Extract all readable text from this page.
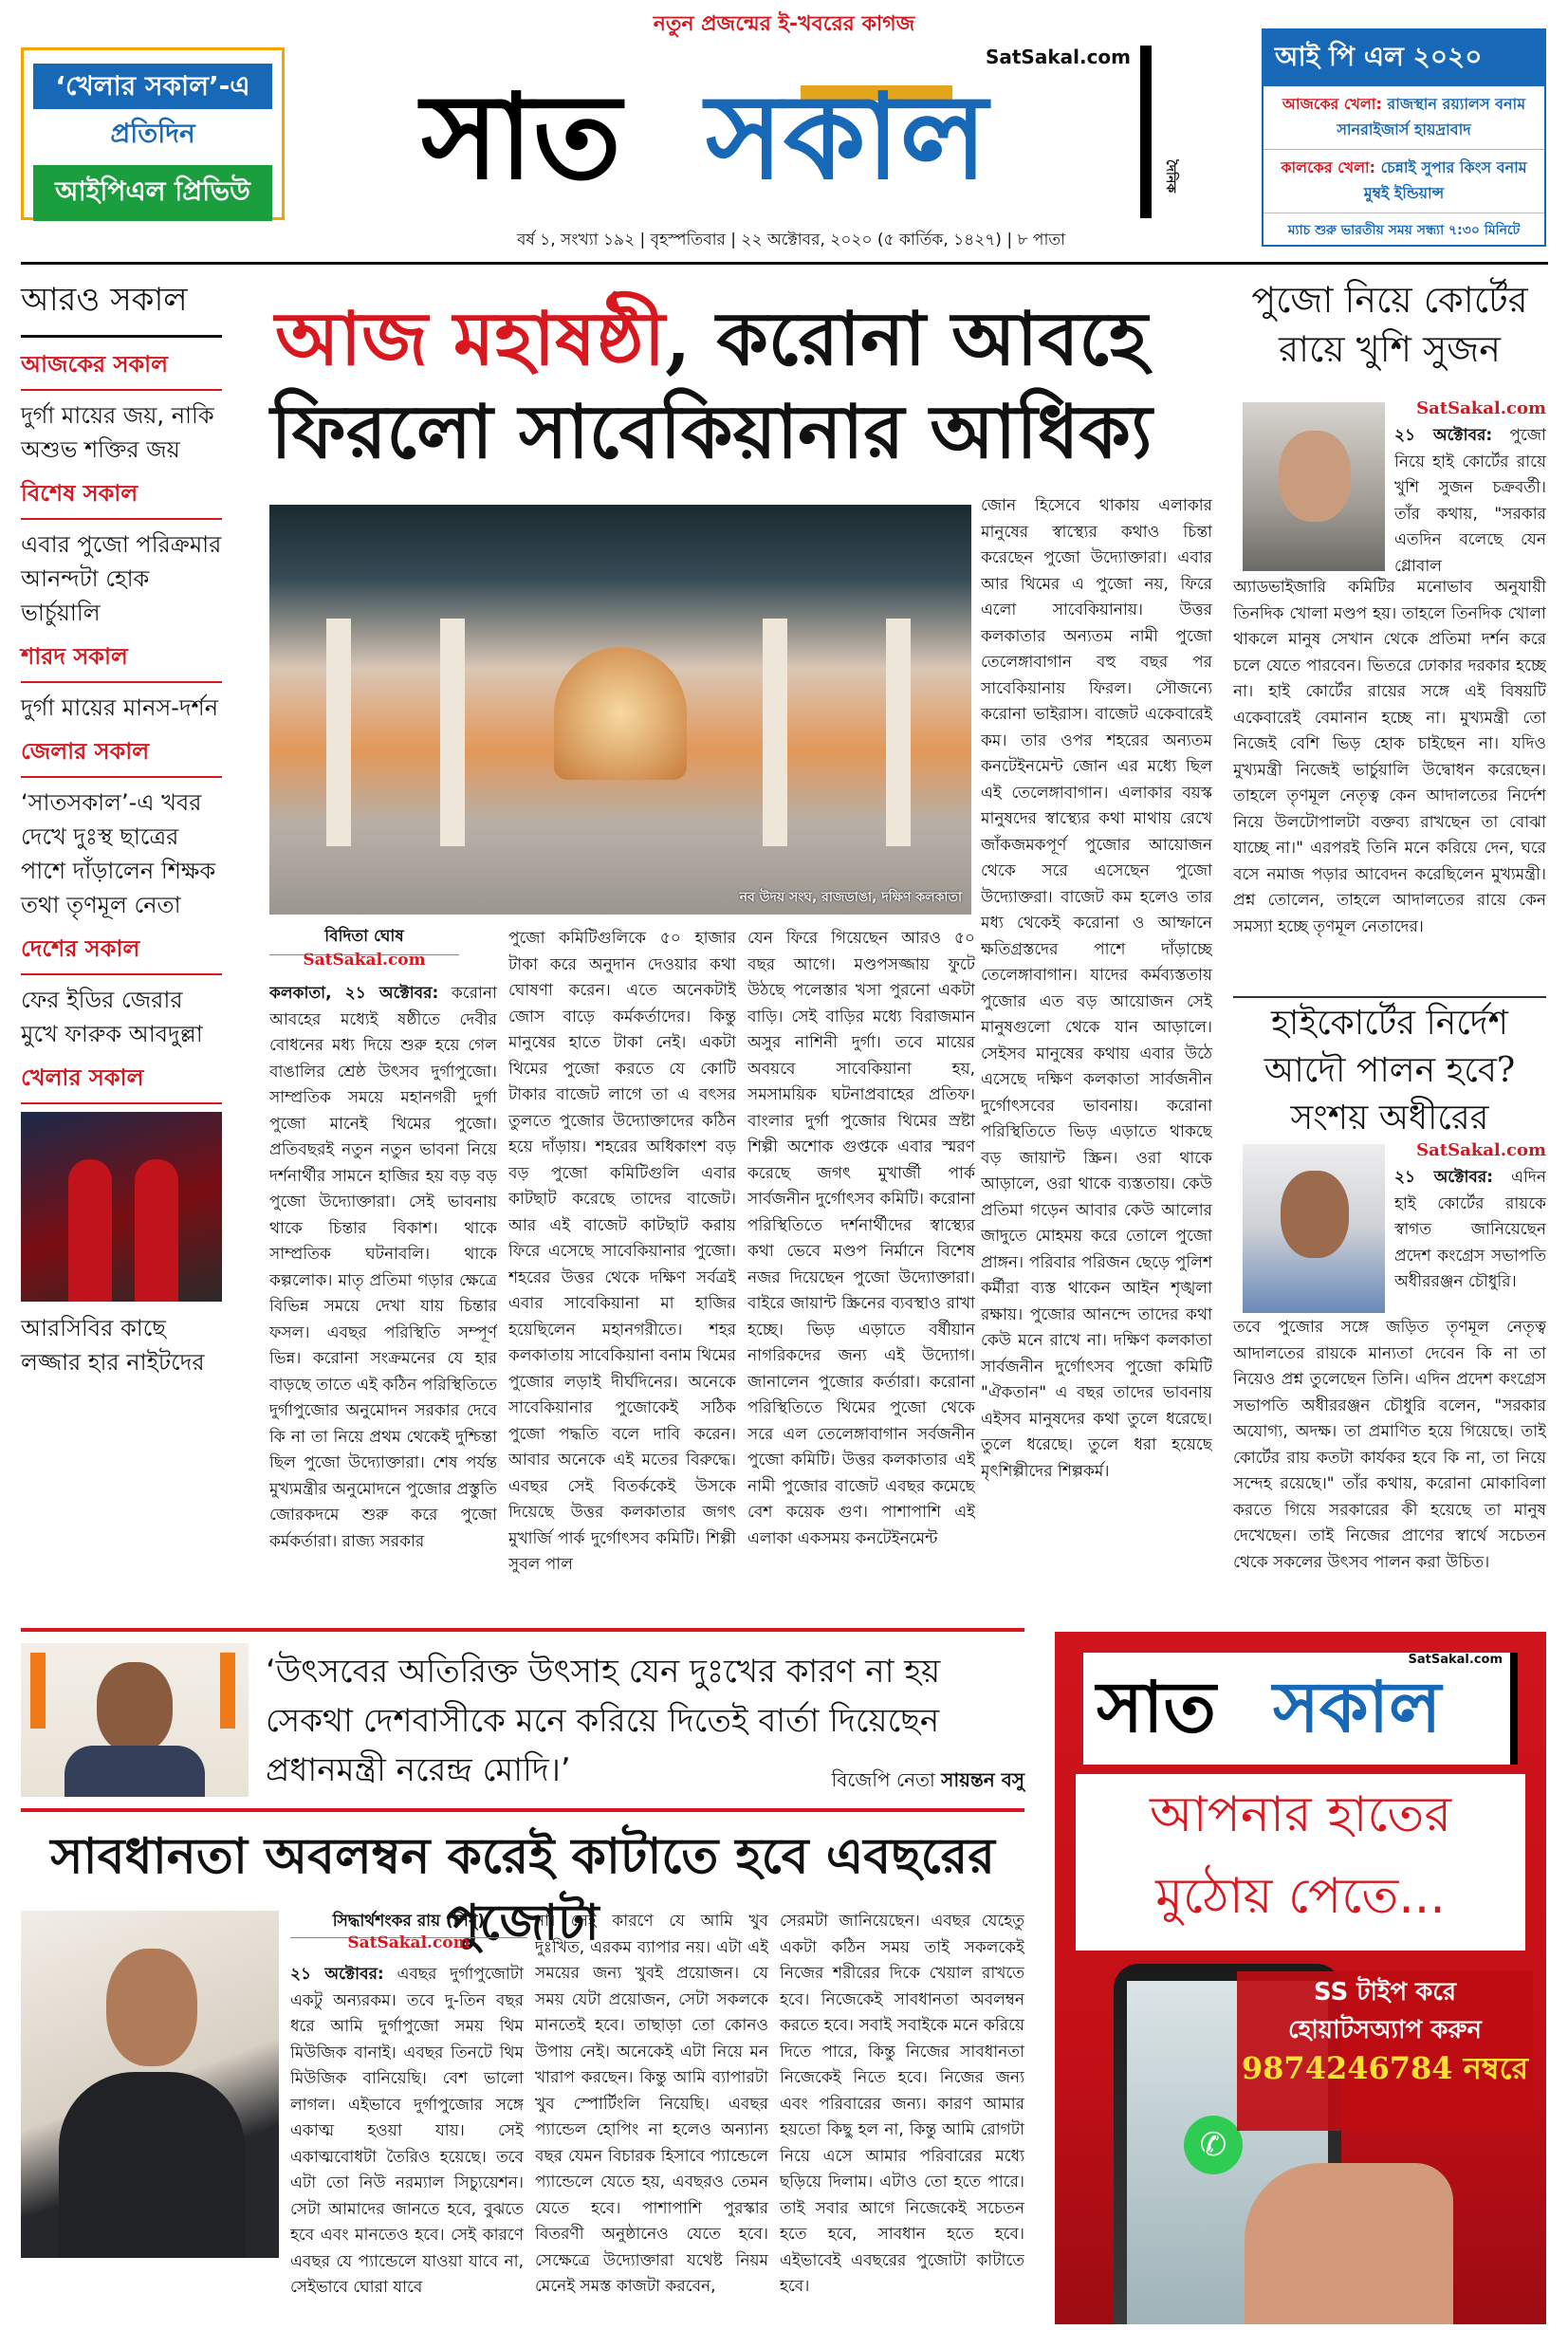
নতুন প্রজন্মের ই-খবরের কাগজ
‘খেলার সকাল’-এ
প্রতিদিন
আইপিএল প্রিভিউ
SatSakal.com
সাত সকাল	দৈনিক
বর্ষ ১, সংখ্যা ১৯২ | বৃহস্পতিবার | ২২ অক্টোবর, ২০২০ (৫ কার্তিক, ১৪২৭) | ৮ পাতা
আই পি এল ২০২০
আজকের খেলা: রাজস্থান রয়্যালস বনাম সানরাইজার্স হায়দ্রাবাদ
কালকের খেলা: চেন্নাই সুপার কিংস বনাম মুম্বই ইন্ডিয়ান্স
ম্যাচ শুরু ভারতীয় সময় সন্ধ্যা ৭:৩০ মিনিটে
আরও সকাল
আজকের সকাল
দুর্গা মায়ের জয়, নাকি অশুভ শক্তির জয়
বিশেষ সকাল
এবার পুজো পরিক্রমার আনন্দটা হোক ভার্চুয়ালি
শারদ সকাল
দুর্গা মায়ের মানস-দর্শন
জেলার সকাল
‘সাতসকাল’-এ খবর দেখে দুঃস্থ ছাত্রের পাশে দাঁড়ালেন শিক্ষক তথা তৃণমূল নেতা
দেশের সকাল
ফের ইডির জেরার মুখে ফারুক আবদুল্লা
খেলার সকাল
আরসিবির কাছে লজ্জার হার নাইটদের
আজ মহাষষ্ঠী, করোনা আবহে
ফিরলো সাবেকিয়ানার আধিক্য
নব উদয় সংঘ, রাজডাঙা, দক্ষিণ কলকাতা
বিদিতা ঘোষ
SatSakal.com
কলকাতা, ২১ অক্টোবর: করোনা আবহের মধ্যেই ষষ্ঠীতে দেবীর বোধনের মধ্য দিয়ে শুরু হয়ে গেল বাঙালির শ্রেষ্ঠ উৎসব দুর্গাপুজো। সাম্প্রতিক সময়ে মহানগরী দুর্গা পুজো মানেই থিমের পুজো। প্রতিবছরই নতুন নতুন ভাবনা নিয়ে দর্শনার্থীর সামনে হাজির হয় বড় বড় পুজো উদ্যোক্তারা। সেই ভাবনায় থাকে চিন্তার বিকাশ। থাকে সাম্প্রতিক ঘটনাবলি। থাকে কল্পলোক। মাতৃ প্রতিমা গড়ার ক্ষেত্রে বিভিন্ন সময়ে দেখা যায় চিন্তার ফসল। এবছর পরিস্থিতি সম্পূর্ণ ভিন্ন। করোনা সংক্রমনের যে হার বাড়ছে তাতে এই কঠিন পরিস্থিতিতে দুর্গাপুজোর অনুমোদন সরকার দেবে কি না তা নিয়ে প্রথম থেকেই দুশ্চিন্তা ছিল পুজো উদ্যোক্তারা। শেষ পর্যন্ত মুখ্যমন্ত্রীর অনুমোদনে পুজোর প্রস্তুতি জোরকদমে শুরু করে পুজো কর্মকর্তারা। রাজ্য সরকার
পুজো কমিটিগুলিকে ৫০ হাজার টাকা করে অনুদান দেওয়ার কথা ঘোষণা করেন। এতে অনেকটাই জোস বাড়ে কর্মকর্তাদের। কিন্তু মানুষের হাতে টাকা নেই। একটা থিমের পুজো করতে যে কোটি টাকার বাজেট লাগে তা এ বৎসর তুলতে পুজোর উদ্যোক্তাদের কঠিন হয়ে দাঁড়ায়। শহরের অধিকাংশ বড় বড় পুজো কমিটিগুলি এবার কাটছাট করেছে তাদের বাজেট। আর এই বাজেট কাটছাট করায় ফিরে এসেছে সাবেকিয়ানার পুজো। শহরের উত্তর থেকে দক্ষিণ সর্বত্রই এবার সাবেকিয়ানা মা হাজির হয়েছিলেন মহানগরীতে। শহর কলকাতায় সাবেকিয়ানা বনাম থিমের পুজোর লড়াই দীর্ঘদিনের। অনেকে সাবেকিয়ানার পুজোকেই সঠিক পুজো পদ্ধতি বলে দাবি করেন। আবার অনেকে এই মতের বিরুদ্ধে। এবছর সেই বিতর্ককেই উসকে দিয়েছে উত্তর কলকাতার জগৎ মুখার্জি পার্ক দুর্গোৎসব কমিটি। শিল্পী সুবল পাল
যেন ফিরে গিয়েছেন আরও ৫০ বছর আগে। মণ্ডপসজ্জায় ফুটে উঠছে পলেস্তার খসা পুরনো একটা বাড়ি। সেই বাড়ির মধ্যে বিরাজমান অসুর নাশিনী দুর্গা। তবে মায়ের অবয়বে সাবেকিয়ানা হয়, সমসাময়িক ঘটনাপ্রবাহের প্রতিফ। বাংলার দুর্গা পুজোর থিমের স্রষ্টা শিল্পী অশোক গুপ্তকে এবার স্মরণ করেছে জগৎ মুখার্জী পার্ক সার্বজনীন দুর্গোৎসব কমিটি। করোনা পরিস্থিতিতে দর্শনার্থীদের স্বাস্থ্যের কথা ভেবে মণ্ডপ নির্মানে বিশেষ নজর দিয়েছেন পুজো উদ্যোক্তারা। বাইরে জায়ান্ট স্ক্রিনের ব্যবস্থাও রাখা হচ্ছে। ভিড় এড়াতে বর্ষীয়ান নাগরিকদের জন্য এই উদ্যোগ। জানালেন পুজোর কর্তারা। করোনা পরিস্থিতিতে থিমের পুজো থেকে সরে এল তেলেঙ্গাবাগান সর্বজনীন পুজো কমিটি। উত্তর কলকাতার এই নামী পুজোর বাজেট এবছর কমেছে বেশ কয়েক গুণ। পাশাপাশি এই এলাকা একসময় কনটেইনমেন্ট
জোন হিসেবে থাকায় এলাকার মানুষের স্বাস্থ্যের কথাও চিন্তা করেছেন পুজো উদ্যোক্তারা। এবার আর থিমের এ পুজো নয়, ফিরে এলো সাবেকিয়ানায়। উত্তর কলকাতার অন্যতম নামী পুজো তেলেঙ্গাবাগান বহু বছর পর সাবেকিয়ানায় ফিরল। সৌজন্যে করোনা ভাইরাস। বাজেট একেবারেই কম। তার ওপর শহরের অন্যতম কনটেইনমেন্ট জোন এর মধ্যে ছিল এই তেলেঙ্গাবাগান। এলাকার বয়স্ক মানুষদের স্বাস্থ্যের কথা মাথায় রেখে জাঁকজমকপূর্ণ পুজোর আয়োজন থেকে সরে এসেছেন পুজো উদ্যোক্তরা। বাজেট কম হলেও তার মধ্য থেকেই করোনা ও আম্ফানে ক্ষতিগ্রস্তদের পাশে দাঁড়াচ্ছে তেলেঙ্গাবাগান। যাদের কর্মব্যস্ততায় পুজোর এত বড় আয়োজন সেই মানুষগুলো থেকে যান আড়ালে। সেইসব মানুষের কথায় এবার উঠে এসেছে দক্ষিণ কলকাতা সার্বজনীন দুর্গোৎসবের ভাবনায়। করোনা পরিস্থিতিতে ভিড় এড়াতে থাকছে বড় জায়ান্ট স্ক্রিন। ওরা থাকে আড়ালে, ওরা থাকে ব্যস্ততায়। কেউ প্রতিমা গড়েন আবার কেউ আলোর জাদুতে মোহময় করে তোলে পুজো প্রাঙ্গন। পরিবার পরিজন ছেড়ে পুলিশ কর্মীরা ব্যস্ত থাকেন আইন শৃঙ্খলা রক্ষায়। পুজোর আনন্দে তাদের কথা কেউ মনে রাখে না। দক্ষিণ কলকাতা সার্বজনীন দুর্গোৎসব পুজো কমিটি "ঐকতান" এ বছর তাদের ভাবনায় এইসব মানুষদের কথা তুলে ধরেছে। তুলে ধরেছে। তুলে ধরা হয়েছে মৃৎশিল্পীদের শিল্পকর্ম।
পুজো নিয়ে কোর্টের রায়ে খুশি সুজন
SatSakal.com
২১ অক্টোবর: পুজো নিয়ে হাই কোর্টের রায়ে খুশি সুজন চক্রবর্তী। তাঁর কথায়, "সরকার এতদিন বলেছে যেন গ্লোবাল
অ্যাডভাইজারি কমিটির মনোভাব অনুযায়ী তিনদিক খোলা মণ্ডপ হয়। তাহলে তিনদিক খোলা থাকলে মানুষ সেখান থেকে প্রতিমা দর্শন করে চলে যেতে পারবেন। ভিতরে ঢোকার দরকার হচ্ছে না। হাই কোর্টের রায়ের সঙ্গে এই বিষয়টি একেবারেই বেমানান হচ্ছে না। মুখ্যমন্ত্রী তো নিজেই বেশি ভিড় হোক চাইছেন না। যদিও মুখ্যমন্ত্রী নিজেই ভার্চুয়ালি উদ্বোধন করেছেন। তাহলে তৃণমূল নেতৃত্ব কেন আদালতের নির্দেশ নিয়ে উলটোপালটা বক্তব্য রাখছেন তা বোঝা যাচ্ছে না।" এরপরই তিনি মনে করিয়ে দেন, ঘরে বসে নমাজ পড়ার আবেদন করেছিলেন মুখ্যমন্ত্রী। প্রশ্ন তোলেন, তাহলে আদালতের রায়ে কেন সমস্যা হচ্ছে তৃণমূল নেতাদের।
হাইকোর্টের নির্দেশ আদৌ পালন হবে? সংশয় অধীরের
SatSakal.com
২১ অক্টোবর: এদিন হাই কোর্টের রায়কে স্বাগত জানিয়েছেন প্রদেশ কংগ্রেস সভাপতি অধীররঞ্জন চৌধুরি।
তবে পুজোর সঙ্গে জড়িত তৃণমূল নেতৃত্ব আদালতের রায়কে মান্যতা দেবেন কি না তা নিয়েও প্রশ্ন তুলেছেন তিনি। এদিন প্রদেশ কংগ্রেস সভাপতি অধীররঞ্জন চৌধুরি বলেন, "সরকার অযোগ্য, অদক্ষ। তা প্রমাণিত হয়ে গিয়েছে। তাই কোর্টের রায় কতটা কার্যকর হবে কি না, তা নিয়ে সন্দেহ রয়েছে।" তাঁর কথায়, করোনা মোকাবিলা করতে গিয়ে সরকারের কী হয়েছে তা মানুষ দেখেছেন। তাই নিজের প্রাণের স্বার্থে সচেতন থেকে সকলের উৎসব পালন করা উচিত।
‘উৎসবের অতিরিক্ত উৎসাহ যেন দুঃখের কারণ না হয় সেকথা দেশবাসীকে মনে করিয়ে দিতেই বার্তা দিয়েছেন প্রধানমন্ত্রী নরেন্দ্র মোদি।’	বিজেপি নেতা সায়ন্তন বসু
সাবধানতা অবলম্বন করেই কাটাতে হবে এবছরের পুজোটা
সিদ্ধার্থশংকর রায় (সিধু)
SatSakal.com
২১ অক্টোবর: এবছর দুর্গাপুজোটা একটু অন্যরকম। তবে দু-তিন বছর ধরে আমি দুর্গাপুজো সময় থিম মিউজিক বানাই। এবছর তিনটে থিম মিউজিক বানিয়েছি। বেশ ভালো লাগল। এইভাবে দুর্গাপুজোর সঙ্গে একাত্ম হওয়া যায়। সেই একাত্মবোধটা তৈরিও হয়েছে। তবে এটা তো নিউ নরম্যাল সিচ্যুয়েশন। সেটা আমাদের জানতে হবে, বুঝতে হবে এবং মানতেও হবে। সেই কারণে এবছর যে প্যান্ডেলে যাওয়া যাবে না, সেইভাবে ঘোরা যাবে
না। সেই কারণে যে আমি খুব দুঃখিত, এরকম ব্যাপার নয়। এটা এই সময়ের জন্য খুবই প্রয়োজন। যে সময় যেটা প্রয়োজন, সেটা সকলকে মানতেই হবে। তাছাড়া তো কোনও উপায় নেই। অনেকেই এটা নিয়ে মন খারাপ করছেন। কিন্তু আমি ব্যাপারটা খুব স্পোর্টিংলি নিয়েছি। এবছর প্যান্ডেল হোপিং না হলেও অন্যান্য বছর যেমন বিচারক হিসাবে প্যান্ডেলে প্যান্ডেলে যেতে হয়, এবছরও তেমন যেতে হবে। পাশাপাশি পুরস্কার বিতরণী অনুষ্ঠানেও যেতে হবে। সেক্ষেত্রে উদ্যোক্তারা যথেষ্ট নিয়ম মেনেই সমস্ত কাজটা করবেন,
সেরমটা জানিয়েছেন। এবছর যেহেতু একটা কঠিন সময় তাই সকলকেই নিজের শরীরের দিকে খেয়াল রাখতে হবে। নিজেকেই সাবধানতা অবলম্বন করতে হবে। সবাই সবাইকে মনে করিয়ে দিতে পারে, কিন্তু নিজের সাবধানতা নিজেকেই নিতে হবে। নিজের জন্য এবং পরিবারের জন্য। কারণ আমার হয়তো কিছু হল না, কিন্তু আমি রোগটা নিয়ে এসে আমার পরিবারের মধ্যে ছড়িয়ে দিলাম। এটাও তো হতে পারে। তাই সবার আগে নিজেকেই সচেতন হতে হবে, সাবধান হতে হবে। এইভাবেই এবছরের পুজোটা কাটাতে হবে।
SatSakal.com
সাত সকাল
আপনার হাতের
মুঠোয় পেতে...
✆
SS টাইপ করে
হোয়াটসঅ্যাপ করুন
9874246784 নম্বরে
